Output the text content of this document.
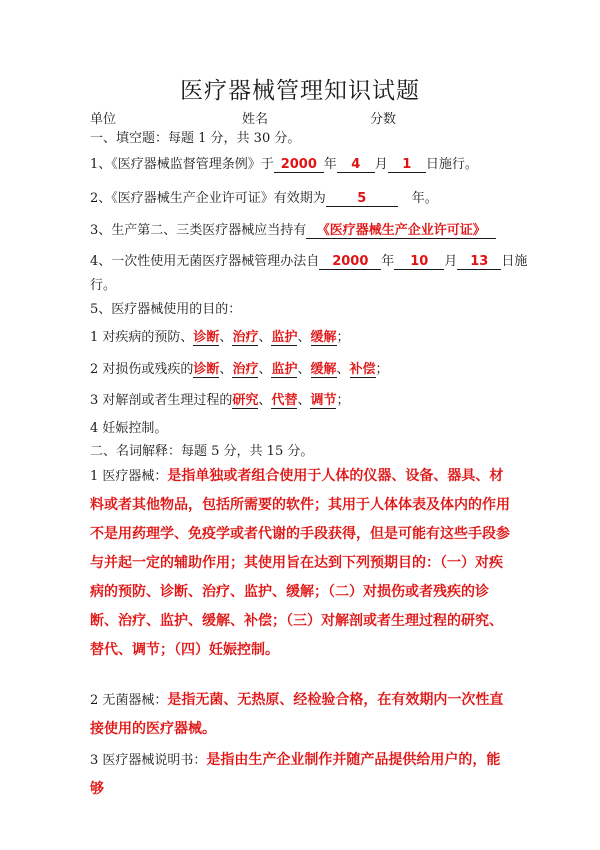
医疗器械管理知识试题
单位	姓名	分数
一、填空题：每题 1 分，共 30 分。
1、《医疗器械监督管理条例》于 2000 年 4 月 1 日施行。
2、《医疗器械生产企业许可证》有效期为 5	年。
3、生产第二、三类医疗器械应当持有 《医疗器械生产企业许可证》
4、一次性使用无菌医疗器械管理办法自 2000 年 10 月 13 日施
行。
5、医疗器械使用的目的：
1 对疾病的预防、诊断、治疗、监护、缓解；
2 对损伤或残疾的诊断、治疗、监护、缓解、补偿；
3 对解剖或者生理过程的研究、代替、调节；
4 妊娠控制。
二、名词解释：每题 5 分，共 15 分。
1 医疗器械：是指单独或者组合使用于人体的仪器、设备、器具、材料或者其他物品，包括所需要的软件；其用于人体体表及体内的作用不是用药理学、免疫学或者代谢的手段获得，但是可能有这些手段参与并起一定的辅助作用；其使用旨在达到下列预期目的：（一）对疾病的预防、诊断、治疗、监护、缓解；（二）对损伤或者残疾的诊断、治疗、监护、缓解、补偿；（三）对解剖或者生理过程的研究、替代、调节；（四）妊娠控制。
2 无菌器械：是指无菌、无热原、经检验合格，在有效期内一次性直接使用的医疗器械。
3 医疗器械说明书：是指由生产企业制作并随产品提供给用户的，能够
